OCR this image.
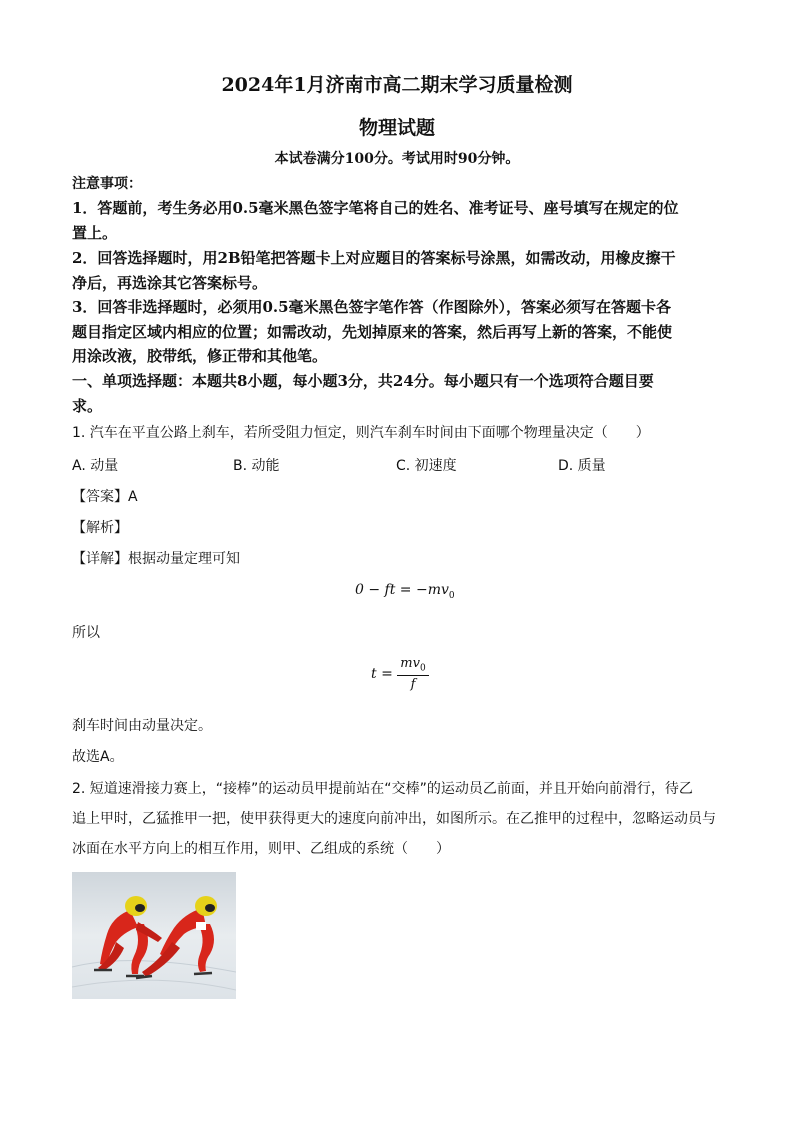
2024年1月济南市高二期末学习质量检测
物理试题
本试卷满分100分。考试用时90分钟。
注意事项：
1．答题前，考生务必用0.5毫米黑色签字笔将自己的姓名、准考证号、座号填写在规定的位
置上。
2．回答选择题时，用2B铅笔把答题卡上对应题目的答案标号涂黑，如需改动，用橡皮擦干
净后，再选涂其它答案标号。
3．回答非选择题时，必须用0.5毫米黑色签字笔作答（作图除外），答案必须写在答题卡各
题目指定区域内相应的位置；如需改动，先划掉原来的答案，然后再写上新的答案，不能使
用涂改液，胶带纸，修正带和其他笔。
一、单项选择题：本题共8小题，每小题3分，共24分。每小题只有一个选项符合题目要
求。
1. 汽车在平直公路上刹车，若所受阻力恒定，则汽车刹车时间由下面哪个物理量决定（　　）
A. 动量	B. 动能	C. 初速度	D. 质量
【答案】A
【解析】
【详解】根据动量定理可知
0 − ft = $-mv_0$
所以
$t = \frac{mv_0}{f}$
刹车时间由动量决定。
故选A。
2. 短道速滑接力赛上，“接棒”的运动员甲提前站在“交棒”的运动员乙前面，并且开始向前滑行，待乙
追上甲时，乙猛推甲一把，使甲获得更大的速度向前冲出，如图所示。在乙推甲的过程中，忽略运动员与
冰面在水平方向上的相互作用，则甲、乙组成的系统（　　）
